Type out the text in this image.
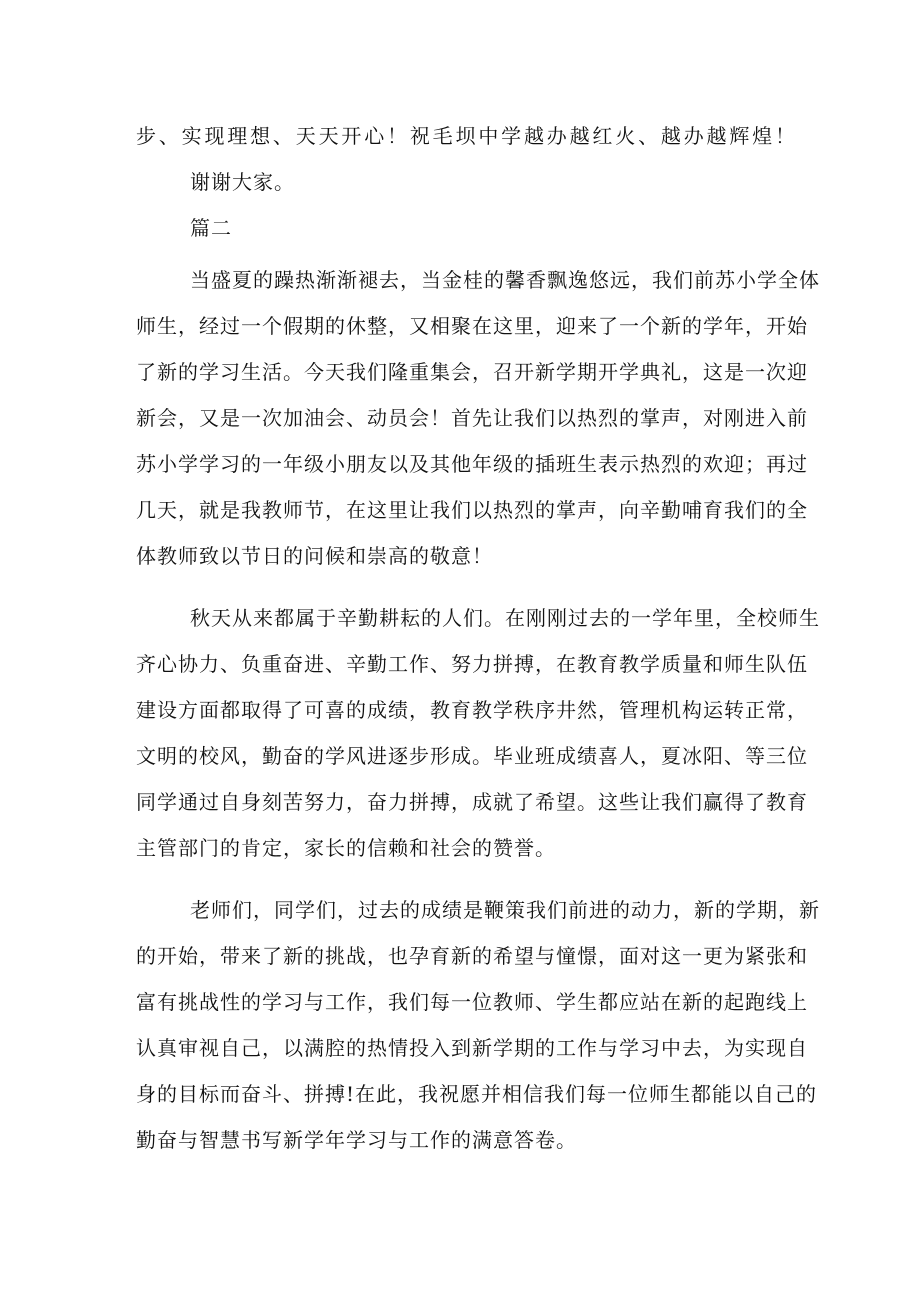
步、实现理想、天天开心！祝毛坝中学越办越红火、越办越辉煌！
谢谢大家。
篇二
当盛夏的躁热渐渐褪去，当金桂的馨香飘逸悠远，我们前苏小学全体
师生，经过一个假期的休整，又相聚在这里，迎来了一个新的学年，开始
了新的学习生活。今天我们隆重集会，召开新学期开学典礼，这是一次迎
新会，又是一次加油会、动员会！首先让我们以热烈的掌声，对刚进入前
苏小学学习的一年级小朋友以及其他年级的插班生表示热烈的欢迎；再过
几天，就是我教师节，在这里让我们以热烈的掌声，向辛勤哺育我们的全
体教师致以节日的问候和崇高的敬意！
秋天从来都属于辛勤耕耘的人们。在刚刚过去的一学年里，全校师生
齐心协力、负重奋进、辛勤工作、努力拼搏，在教育教学质量和师生队伍
建设方面都取得了可喜的成绩，教育教学秩序井然，管理机构运转正常，
文明的校风，勤奋的学风进逐步形成。毕业班成绩喜人，夏冰阳、等三位
同学通过自身刻苦努力，奋力拼搏，成就了希望。这些让我们赢得了教育
主管部门的肯定，家长的信赖和社会的赞誉。
老师们，同学们，过去的成绩是鞭策我们前进的动力，新的学期，新
的开始，带来了新的挑战，也孕育新的希望与憧憬，面对这一更为紧张和
富有挑战性的学习与工作，我们每一位教师、学生都应站在新的起跑线上
认真审视自己，以满腔的热情投入到新学期的工作与学习中去，为实现自
身的目标而奋斗、拼搏!在此，我祝愿并相信我们每一位师生都能以自己的
勤奋与智慧书写新学年学习与工作的满意答卷。
